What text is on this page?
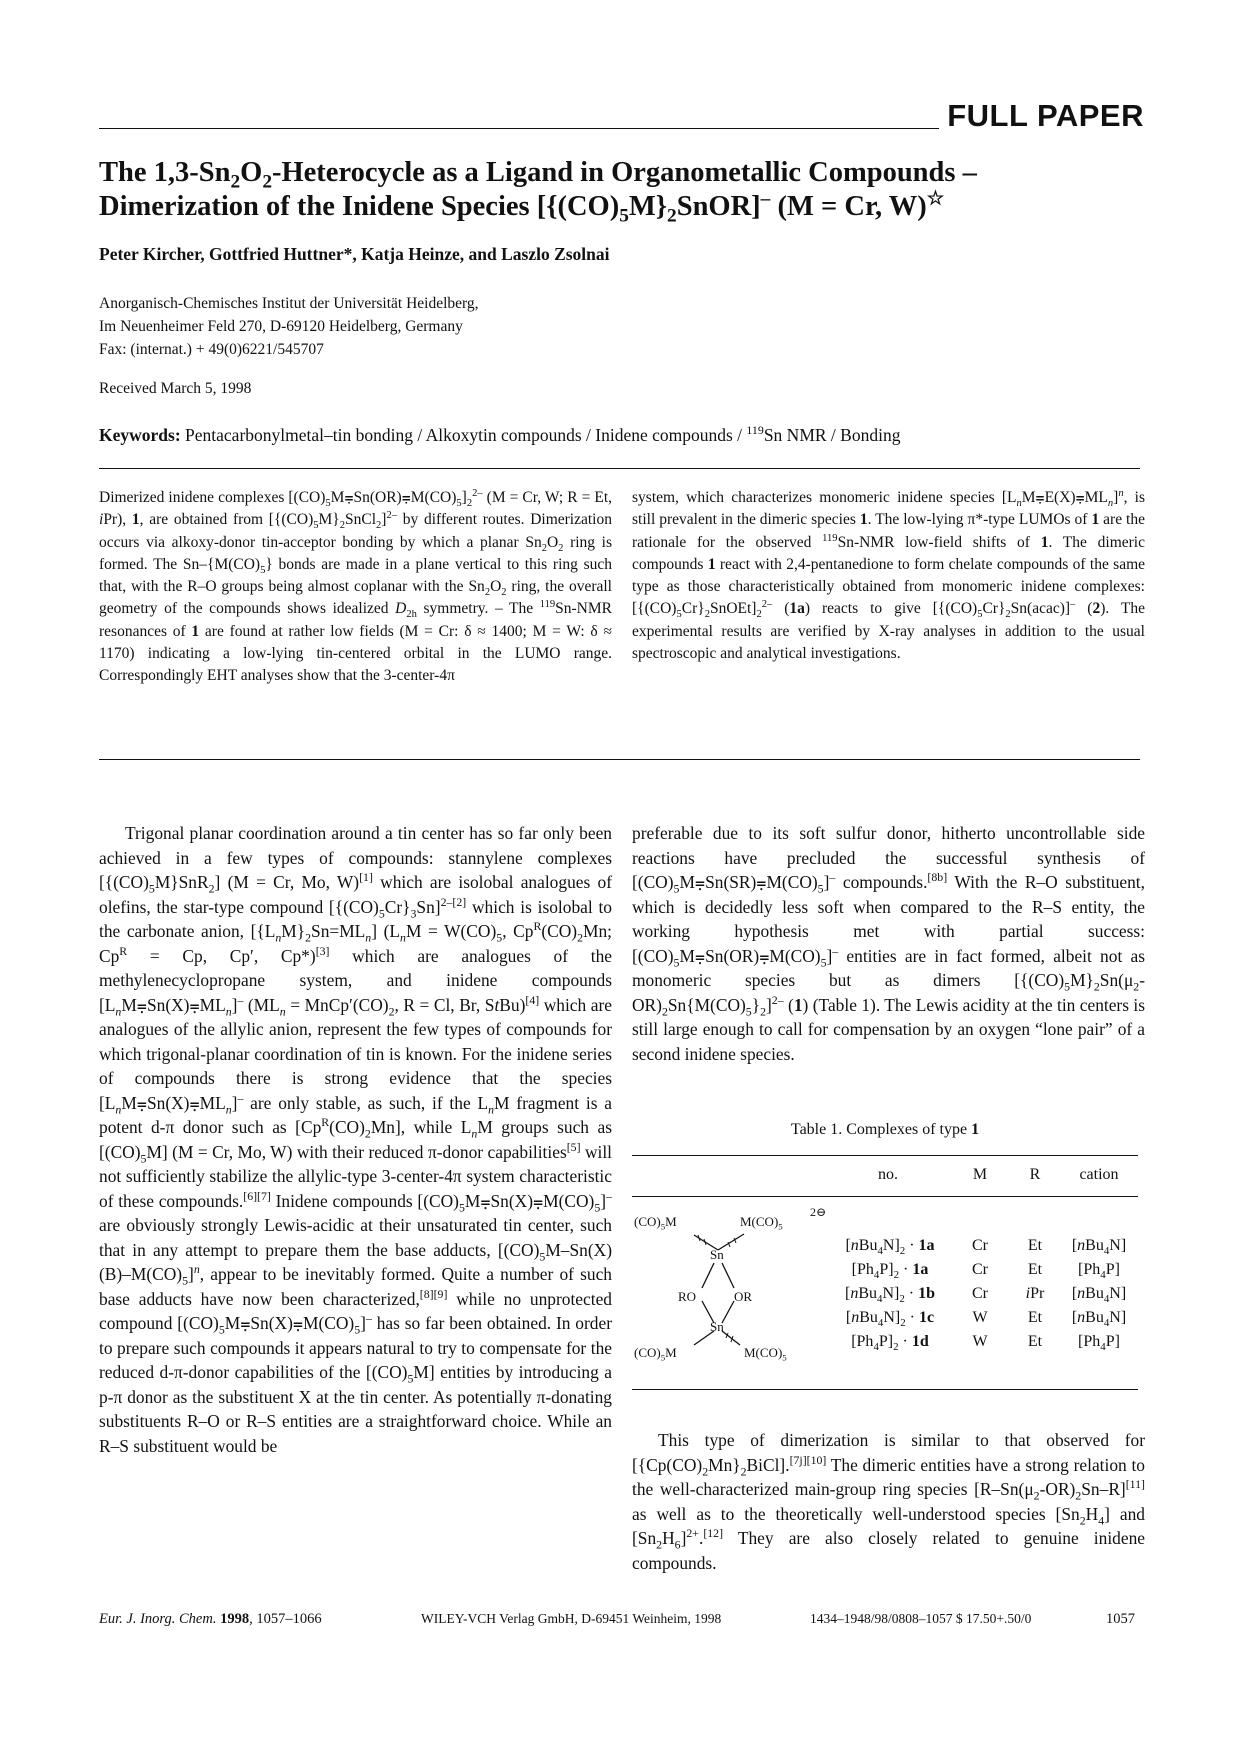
FULL PAPER
The $1,3-Sn_2O_2$-Heterocycle as a Ligand in Organometallic Compounds –
Dimerization of the Inidene Species $[\{(CO)_5M\}_2SnOR]^-$ (M = Cr, W)☆
Peter Kircher, Gottfried Huttner*, Katja Heinze, and Laszlo Zsolnai
Anorganisch-Chemisches Institut der Universität Heidelberg,
Im Neuenheimer Feld 270, D-69120 Heidelberg, Germany
Fax: (internat.) + 49(0)6221/545707
Received March 5, 1998
Keywords: Pentacarbonylmetal–tin bonding / Alkoxytin compounds / Inidene compounds / $^{119}$Sn NMR / Bonding

Dimerized inidene complexes $[(CO)_5M⩦Sn(OR)⩦M(CO)_5]_2^{2-}$ (M = Cr, W; R = Et, iPr), 1, are obtained from $[\{(CO)_5M\}_2SnCl_2]^{2-}$ by different routes. Dimerization occurs via alkoxy-donor tin-acceptor bonding by which a planar $Sn_2O_2$ ring is formed. The $Sn-\{M(CO)_5\}$ bonds are made in a plane vertical to this ring such that, with the R–O groups being almost coplanar with the $Sn_2O_2$ ring, the overall geometry of the compounds shows idealized $D_{2h}$ symmetry. – The $^{119}$Sn-NMR resonances of 1 are found at rather low fields (M = Cr: δ ≈ 1400; M = W: δ ≈ 1170) indicating a low-lying tin-centered orbital in the LUMO range. Correspondingly EHT analyses show that the 3-center-4π

system, which characterizes monomeric inidene species $[L_nM⩦E(X)⩦ML_n]^n$, is still prevalent in the dimeric species 1. The low-lying π*-type LUMOs of 1 are the rationale for the observed $^{119}$Sn-NMR low-field shifts of 1. The dimeric compounds 1 react with 2,4-pentanedione to form chelate compounds of the same type as those characteristically obtained from monomeric inidene complexes: $[\{(CO)_5Cr\}_2SnOEt]_2^{2-}$ (1a) reacts to give $[\{(CO)_5Cr\}_2Sn(acac)]^-$ (2). The experimental results are verified by X-ray analyses in addition to the usual spectroscopic and analytical investigations.

Trigonal planar coordination around a tin center has so far only been achieved in a few types of compounds: stannylene complexes $[\{(CO)_5M\}SnR_2] (M = Cr$, Mo, W)[1] which are isolobal analogues of olefins, the star-type compound $[\{(CO)_5Cr\}_3Sn]^{2-[2]}$ which is isolobal to the carbonate anion, $[\{L_nM\}_2Sn=ML_n] (L_nM = W(CO)_5$, $Cp^R(CO)_2Mn$; $Cp^R = Cp$, Cp′, Cp*)[3] which are analogues of the methylenecyclopropane system, and inidene compounds $[L_nM⩦Sn(X)⩦ML_n]^-$ ($ML_n$ = $MnCp'(CO)_2$, R = Cl, Br, StBu)[4] which are analogues of the allylic anion, represent the few types of compounds for which trigonal-planar coordination of tin is known. For the inidene series of compounds there is strong evidence that the species $[L_nM⩦Sn(X)⩦ML_n]^-$ are only stable, as such, if the $L_nM$ fragment is a potent d-π donor such as $[Cp^R(CO)_2Mn]$, while $L_nM$ groups such as $[(CO)_5M] (M = Cr$, Mo, W) with their reduced π-donor capabilities[5] will not sufficiently stabilize the allylic-type 3-center-4π system characteristic of these compounds.[6][7] Inidene compounds $[(CO)_5M⩦Sn(X)⩦M(CO)_5]^-$ are obviously strongly Lewis-acidic at their unsaturated tin center, such that in any attempt to prepare them the base adducts, $[(CO)_5M-Sn(X)(B)-M(CO)_5]^n$, appear to be inevitably formed. Quite a number of such base adducts have now been characterized,[8][9] while no unprotected compound $[(CO)_5M⩦Sn(X)⩦M(CO)_5]^-$ has so far been obtained. In order to prepare such compounds it appears natural to try to compensate for the reduced d-π-donor capabilities of the $[(CO)_5M]$ entities by introducing a p-π donor as the substituent X at the tin center. As potentially π-donating substituents R–O or R–S entities are a straightforward choice. While an R–S substituent would be

preferable due to its soft sulfur donor, hitherto uncontrollable side reactions have precluded the successful synthesis of $[(CO)_5M⩦Sn(SR)⩦M(CO)_5]^-$ compounds.[8b] With the R–O substituent, which is decidedly less soft when compared to the R–S entity, the working hypothesis met with partial success: $[(CO)_5M⩦Sn(OR)⩦M(CO)_5]^-$ entities are in fact formed, albeit not as monomeric species but as dimers $[\{(CO)_5M\}_2Sn(\mu_2-OR)_2Sn\{M(CO)_5\}_2]^{2-}$ (1) (Table 1). The Lewis acidity at the tin centers is still large enough to call for compensation by an oxygen “lone pair” of a second inidene species.

Table 1. Complexes of type 1
no.	M	R	cation
$[nBu_4N]_2 \cdot 1a$	Cr	Et	[nBu$_4$N]
$[Ph_4P]_2 \cdot 1a$	Cr	Et	$[Ph_4P]$
$[nBu_4N]_2 \cdot 1b$	Cr	iPr	[nBu$_4$N]
$[nBu_4N]_2 \cdot 1c$	W	Et	[nBu$_4$N]
$[Ph_4P]_2 \cdot 1d$	W	Et	$[Ph_4P]$
$(CO)_5M$	$M(CO)_5$
2⊖
Sn
RO	OR
Sn
$(CO)_5M$	$M(CO)_5$

This type of dimerization is similar to that observed for $[\{Cp(CO)_2Mn\}_2BiCl].[7j][10]$ The dimeric entities have a strong relation to the well-characterized main-group ring species $[R-Sn(\mu_2-OR)_2Sn-R][11]$ as well as to the theoretically well-understood species $[Sn_2H_4]$ and $[Sn_2H_6]^{2+}.[12]$ They are also closely related to genuine inidene compounds.

Eur. J. Inorg. Chem. 1998, 1057–1066	WILEY-VCH Verlag GmbH, D-69451 Weinheim, 1998	1434–1948/98/0808–1057 $ 17.50+.50/0	1057
